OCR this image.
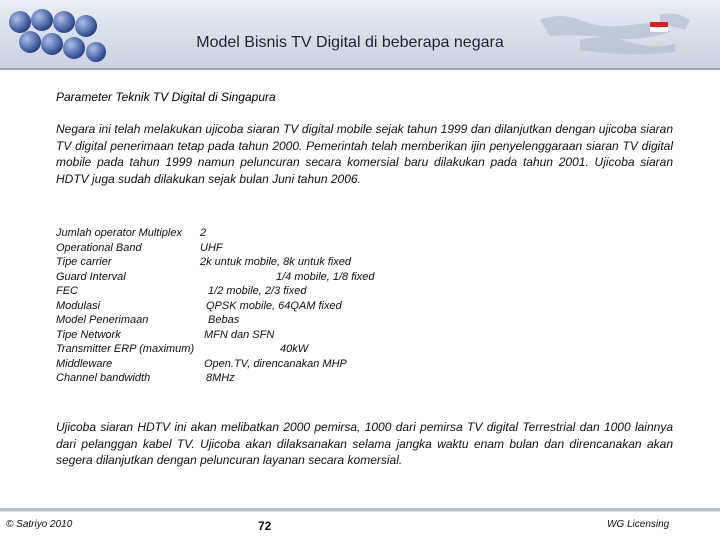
Model Bisnis TV Digital di beberapa negara
Parameter Teknik TV Digital di Singapura
Negara ini telah melakukan ujicoba siaran TV digital mobile sejak tahun 1999 dan dilanjutkan dengan ujicoba siaran TV digital penerimaan tetap pada tahun 2000. Pemerintah telah memberikan ijin penyelenggaraan siaran TV digital mobile pada tahun 1999 namun peluncuran secara komersial baru dilakukan pada tahun 2001. Ujicoba siaran HDTV juga sudah dilakukan sejak bulan Juni tahun 2006.
Jumlah operator Multiplex 2
Operational Band	UHF
Tipe carrier	2k untuk mobile, 8k untuk fixed
Guard Interval	1/4 mobile, 1/8 fixed
FEC	1/2 mobile, 2/3 fixed
Modulasi	QPSK mobile, 64QAM fixed
Model Penerimaan	Bebas
Tipe Network	MFN dan SFN
Transmitter ERP (maximum)	40kW
Middleware	Open.TV, direncanakan MHP
Channel bandwidth	8MHz
Ujicoba siaran HDTV ini akan melibatkan 2000 pemirsa, 1000 dari pemirsa TV digital Terrestrial dan 1000 lainnya dari pelanggan kabel TV. Ujicoba akan dilaksanakan selama jangka waktu enam bulan dan direncanakan akan segera dilanjutkan dengan peluncuran layanan secara komersial.
© Satriyo 2010	72	WG Licensing
